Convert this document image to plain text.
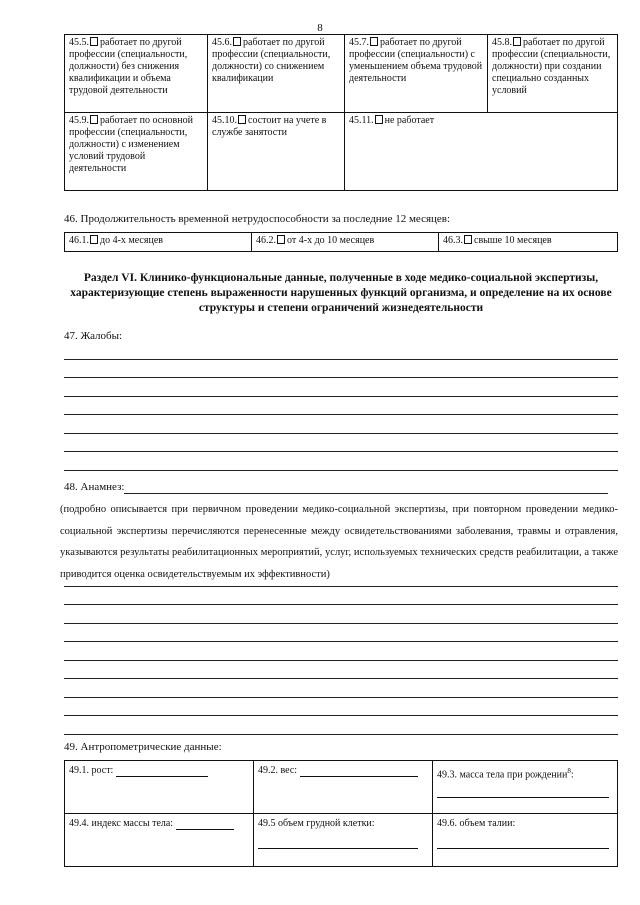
8
45.5. работает по другой профессии (специальности, должности) без снижения квалификации и объема трудовой деятельности	45.6. работает по другой профессии (специальности, должности) со снижением квалификации	45.7. работает по другой профессии (специальности) с уменьшением объема трудовой деятельности	45.8. работает по другой профессии (специальности, должности) при создании специально созданных условий
45.9. работает по основной профессии (специальности, должности) с изменением условий трудовой деятельности	45.10. состоит на учете в службе занятости	45.11. не работает	
46. Продолжительность временной нетрудоспособности за последние 12 месяцев:
46.1. до 4-х месяцев	46.2. от 4-х до 10 месяцев	46.3. свыше 10 месяцев
Раздел VI. Клинико-функциональные данные, полученные в ходе медико-социальной экспертизы,
характеризующие степень выраженности нарушенных функций организма, и определение на их основе
структуры и степени ограничений жизнедеятельности
47. Жалобы:
48. Анамнез:
(подробно описывается при первичном проведении медико-социальной экспертизы, при повторном проведении медико-социальной экспертизы перечисляются перенесенные между освидетельствованиями заболевания, травмы и отравления, указываются результаты реабилитационных мероприятий, услуг, используемых технических средств реабилитации, а также приводится оценка освидетельствуемым их эффективности)
49. Антропометрические данные:
49.1. рост:	49.2. вес:	49.3. масса тела при рождении$^8$:

49.4. индекс массы тела:	49.5 объем грудной клетки:	49.6. объем талии:
